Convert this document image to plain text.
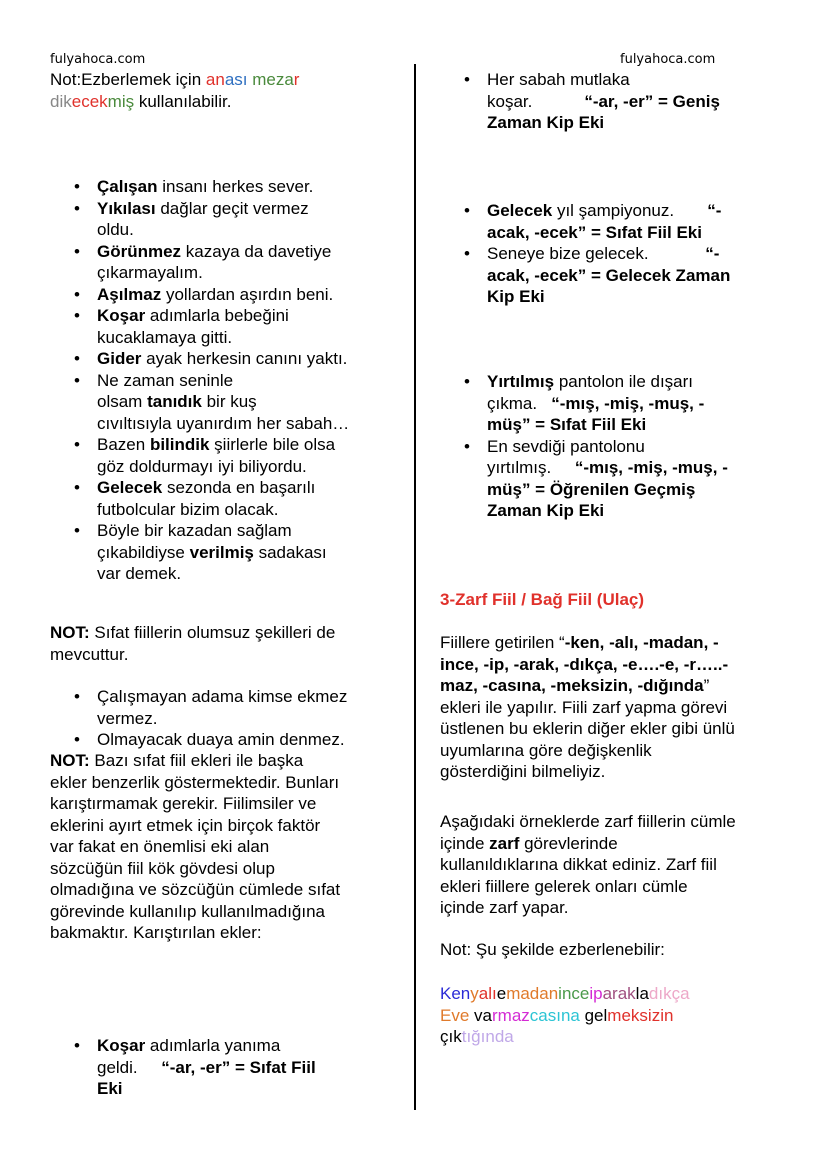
fulyahoca.com	fulyahoca.com
Not:Ezberlemek için anası mezar
dikecekmiş kullanılabilir.
• Çalışan insanı herkes sever.
• Yıkılası dağlar geçit vermez
oldu.
• Görünmez kazaya da davetiye
çıkarmayalım.
• Aşılmaz yollardan aşırdın beni.
• Koşar adımlarla bebeğini
kucaklamaya gitti.
• Gider ayak herkesin canını yaktı.
• Ne zaman seninle
olsam tanıdık bir kuş
cıvıltısıyla uyanırdım her sabah…
• Bazen bilindik şiirlerle bile olsa
göz doldurmayı iyi biliyordu.
• Gelecek sezonda en başarılı
futbolcular bizim olacak.
• Böyle bir kazadan sağlam
çıkabildiyse verilmiş sadakası
var demek.
NOT: Sıfat fiillerin olumsuz şekilleri de
mevcuttur.
• Çalışmayan adama kimse ekmez
vermez.
• Olmayacak duaya amin denmez.
NOT: Bazı sıfat fiil ekleri ile başka
ekler benzerlik göstermektedir. Bunları
karıştırmamak gerekir. Fiilimsiler ve
eklerini ayırt etmek için birçok faktör
var fakat en önemlisi eki alan
sözcüğün fiil kök gövdesi olup
olmadığına ve sözcüğün cümlede sıfat
görevinde kullanılıp kullanılmadığına
bakmaktır. Karıştırılan ekler:
• Koşar adımlarla yanıma
geldi.     “-ar, -er” = Sıfat Fiil
Eki
• Her sabah mutlaka
koşar.	“-ar, -er” = Geniş
Zaman Kip Eki
• Gelecek yıl şampiyonuz.       “-
acak, -ecek” = Sıfat Fiil Eki
• Seneye bize gelecek.            “-
acak, -ecek” = Gelecek Zaman
Kip Eki
• Yırtılmış pantolon ile dışarı
çıkma.   “-mış, -miş, -muş, -
müş” = Sıfat Fiil Eki
• En sevdiği pantolonu
yırtılmış.     “-mış, -miş, -muş, -
müş” = Öğrenilen Geçmiş
Zaman Kip Eki
3-Zarf Fiil / Bağ Fiil (Ulaç)
Fiillere getirilen “-ken, -alı, -madan, -
ince, -ip, -arak, -dıkça, -e….-e, -r…..-
maz, -casına, -meksizin, -dığında”
ekleri ile yapılır. Fiili zarf yapma görevi
üstlenen bu eklerin diğer ekler gibi ünlü
uyumlarına göre değişkenlik
gösterdiğini bilmeliyiz.
Aşağıdaki örneklerde zarf fiillerin cümle
içinde zarf görevlerinde
kullanıldıklarına dikkat ediniz. Zarf fiil
ekleri fiillere gelerek onları cümle
içinde zarf yapar.
Not: Şu şekilde ezberlenebilir:
Kenyalıemadaninceiparakladıkça
Eve varmazcasına gelmeksizin
çıktığında
